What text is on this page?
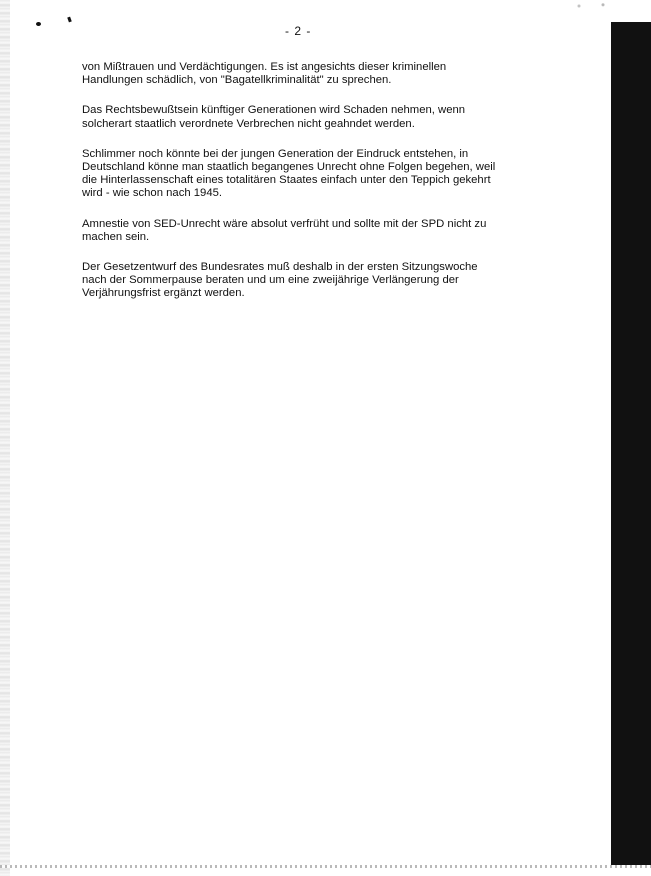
- 2 -

von Mißtrauen und Verdächtigungen. Es ist angesichts dieser kriminellen
Handlungen schädlich, von "Bagatellkriminalität" zu sprechen.

Das Rechtsbewußtsein künftiger Generationen wird Schaden nehmen, wenn
solcherart staatlich verordnete Verbrechen nicht geahndet werden.

Schlimmer noch könnte bei der jungen Generation der Eindruck entstehen, in
Deutschland könne man staatlich begangenes Unrecht ohne Folgen begehen, weil
die Hinterlassenschaft eines totalitären Staates einfach unter den Teppich gekehrt
wird - wie schon nach 1945.

Amnestie von SED-Unrecht wäre absolut verfrüht und sollte mit der SPD nicht zu
machen sein.

Der Gesetzentwurf des Bundesrates muß deshalb in der ersten Sitzungswoche
nach der Sommerpause beraten und um eine zweijährige Verlängerung der
Verjährungsfrist ergänzt werden.
